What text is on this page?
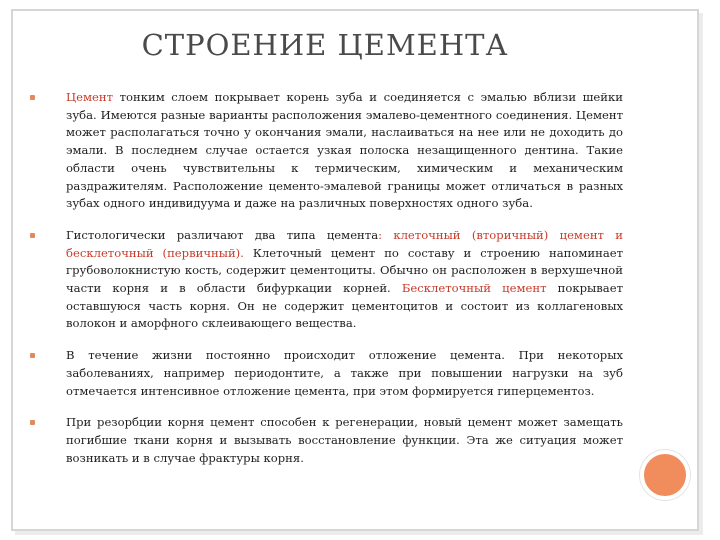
СТРОЕНИЕ ЦЕМЕНТА

Цемент тонким слоем покрывает корень зуба и соединяется с эмалью вблизи шейки зуба. Имеются разные варианты расположения эмалево-цементного соединения. Цемент может располагаться точно у окончания эмали, наслаиваться на нее или не доходить до эмали. В последнем случае остается узкая полоска незащищенного дентина. Такие области очень чувствительны к термическим, химическим и механическим раздражителям. Расположение цементо-эмалевой границы может отличаться в разных зубах одного индивидуума и даже на различных поверхностях одного зуба.

Гистологически различают два типа цемента: клеточный (вторичный) цемент и бесклеточный (первичный). Клеточный цемент по составу и строению напоминает грубоволокнистую кость, содержит цементоциты. Обычно он расположен в верхушечной части корня и в области бифуркации корней. Бесклеточный цемент покрывает оставшуюся часть корня. Он не содержит цементоцитов и состоит из коллагеновых волокон и аморфного склеивающего вещества.

В течение жизни постоянно происходит отложение цемента. При некоторых заболеваниях, например периодонтите, а также при повышении нагрузки на зуб отмечается интенсивное отложение цемента, при этом формируется гиперцементоз.

При резорбции корня цемент способен к регенерации, новый цемент может замещать погибшие ткани корня и вызывать восстановление функции. Эта же ситуация может возникать и в случае фрактуры корня.
